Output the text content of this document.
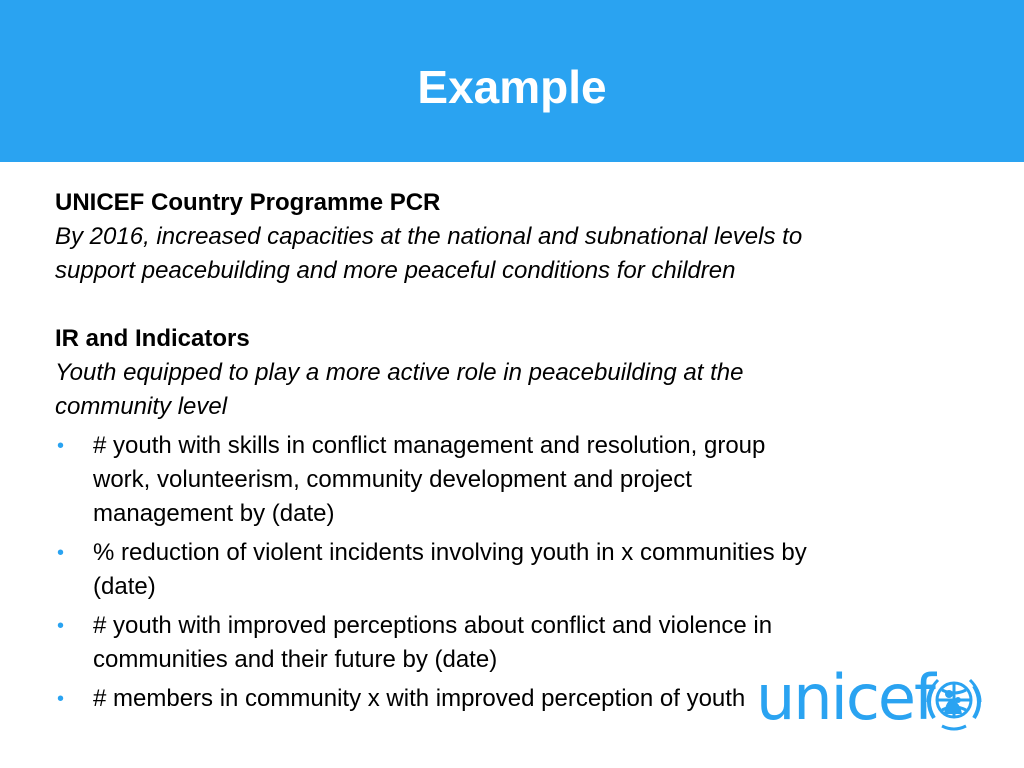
Example

UNICEF Country Programme PCR

By 2016, increased capacities at the national and subnational levels to

support peacebuilding and more peaceful conditions for children

IR and Indicators

Youth equipped to play a more active role in peacebuilding at the

community level

• # youth with skills in conflict management and resolution, group
work, volunteerism, community development and project
management by (date)
• % reduction of violent incidents involving youth in x communities by
(date)
• # youth with improved perceptions about conflict and violence in
communities and their future by (date)
• # members in community x with improved perception of youth unicef
